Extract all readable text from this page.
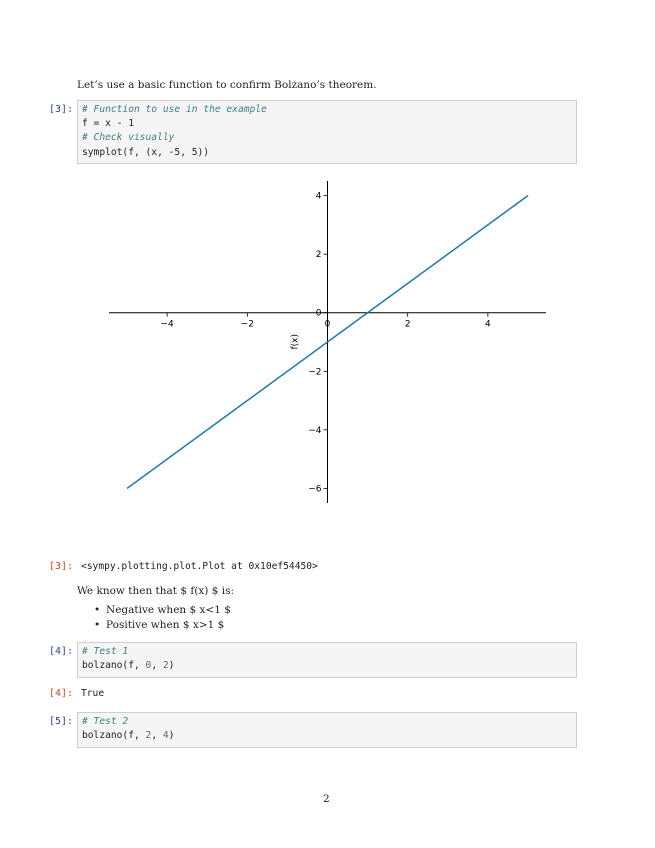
Let’s use a basic function to confirm Bolzano’s theorem.
[3]: # Function to use in the example
f = x - 1
# Check visually
symplot(f, (x, -5, 5))
−4	−2	0	2	4
4
2
0
−2
−4
−6
f(x)
[3]: <sympy.plotting.plot.Plot at 0x10ef54450>
We know then that $ f(x) $ is:
• Negative when $ x<1 $
• Positive when $ x>1 $
[4]: # Test 1
bolzano(f, 0, 2)
[4]: True
[5]: # Test 2
bolzano(f, 2, 4)
2
